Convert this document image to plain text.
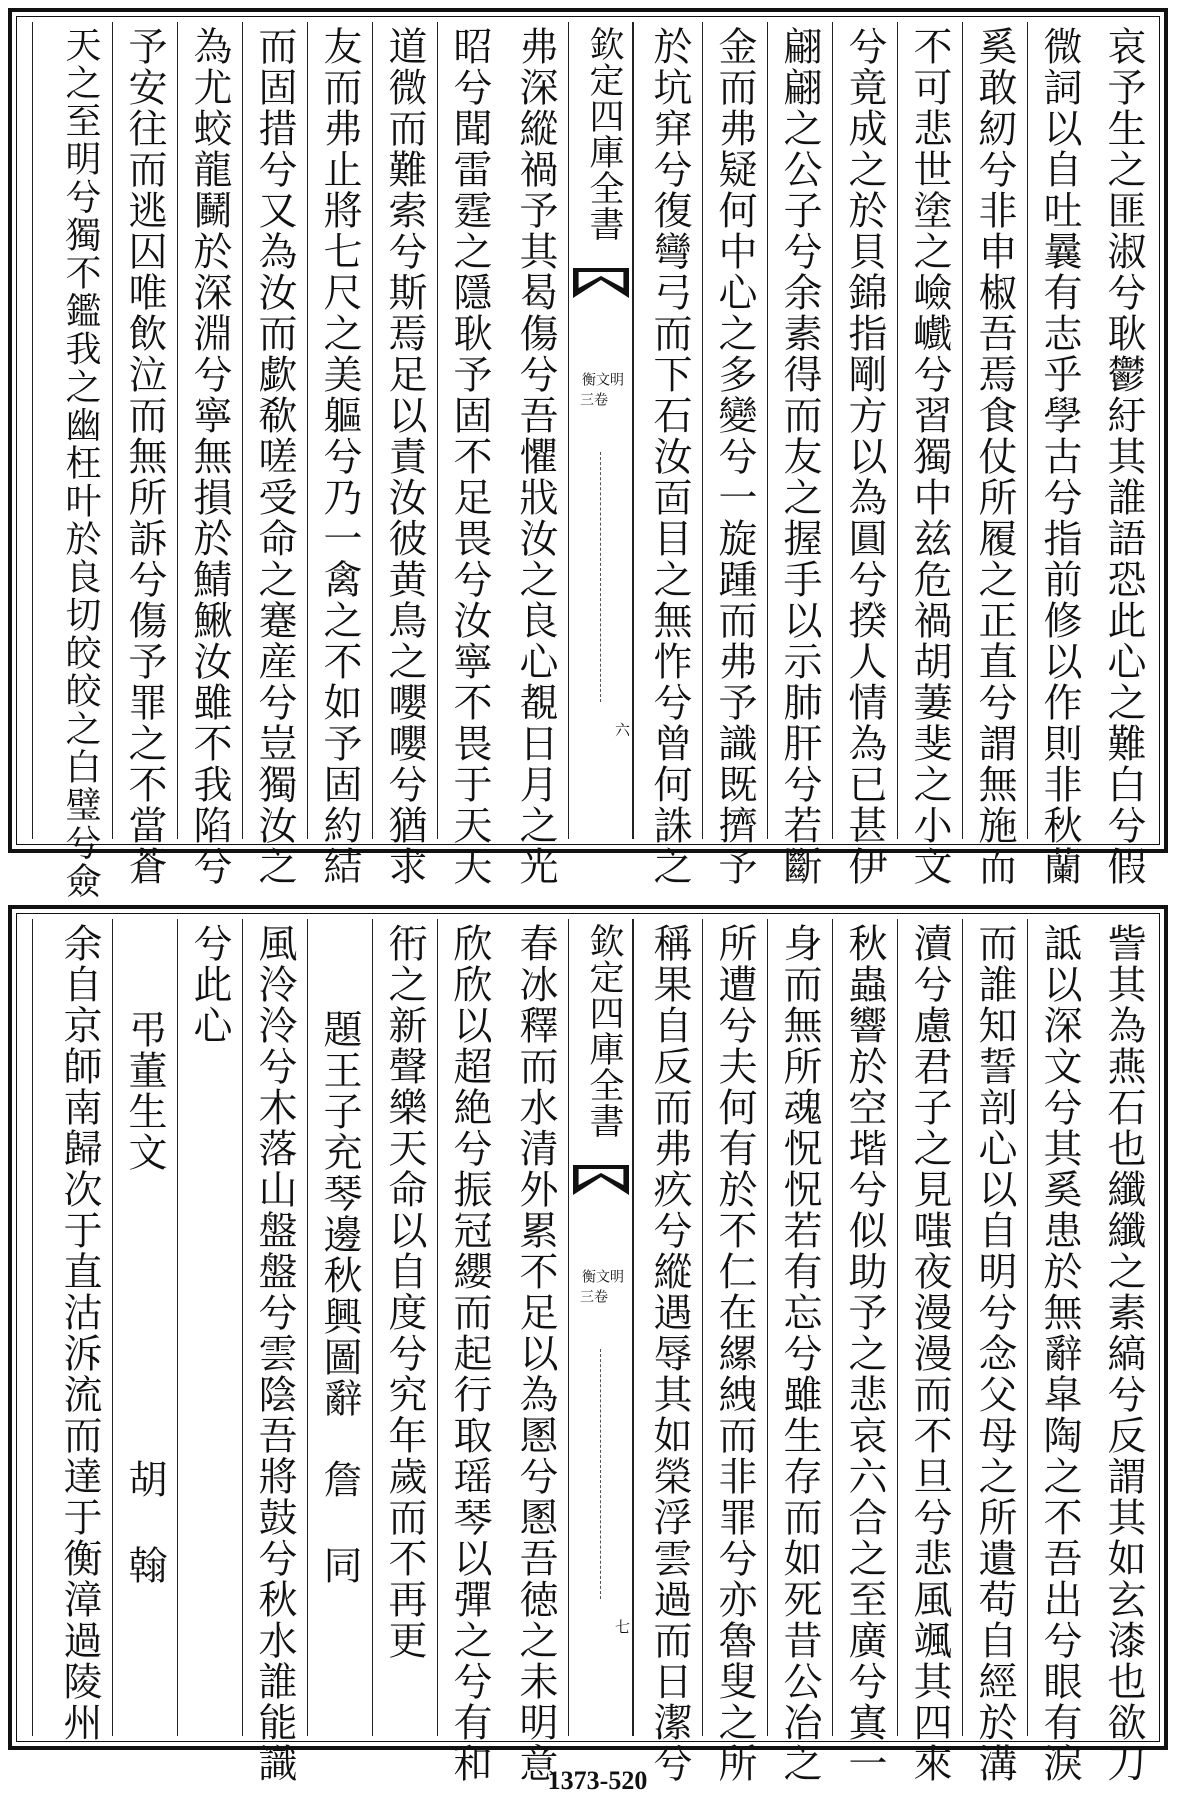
哀予生之匪淑兮耿鬱紆其誰語恐此心之難白兮假
微詞以自吐曩有志乎學古兮指前修以作則非秋蘭
奚敢紉兮非申椒吾焉食仗所履之正直兮謂無施而
不可悲世塗之嶮巇兮習獨中兹危禍胡萋斐之小文
兮竟成之於貝錦指剛方以為圓兮揆人情為已甚伊
翩翩之公子兮余素得而友之握手以示肺肝兮若斷
金而弗疑何中心之多變兮一旋踵而弗予識既擠予
於坑穽兮復彎弓而下石汝靣目之無怍兮曾何誅之
欽定四庫全書
明文衡
卷三
六
弗深縱禍予其曷傷兮吾懼戕汝之良心覩日月之光
昭兮聞雷霆之隱耿予固不足畏兮汝寧不畏于天天
道微而難索兮斯焉足以責汝彼黄鳥之嚶嚶兮猶求
友而弗止將七尺之美軀兮乃一禽之不如予固約結
而固措兮又為汝而歔欷嗟受命之蹇産兮豈獨汝之
為尤蛟龍鬭於深淵兮寧無損於鯖鰍汝雖不我陷兮
予安往而逃囚唯飲泣而無所訴兮傷予罪之不當蒼
天之至明兮獨不鑑我之幽枉叶於良切皎皎之白璧兮僉
訾其為燕石也纖纖之素縞兮反謂其如玄漆也欲刀
詆以深文兮其奚患於無辭皐陶之不吾出兮眼有淚
而誰知誓剖心以自明兮念父母之所遺苟自經於溝
瀆兮慮君子之見嗤夜漫漫而不旦兮悲風颯其四來
秋蟲響於空堦兮似助予之悲哀六合之至廣兮寘一
身而無所魂怳怳若有忘兮雖生存而如死昔公冶之
所遭兮夫何有於不仁在縲絏而非罪兮亦魯叟之所
稱果自反而弗疚兮縱遇辱其如榮浮雲過而日潔兮
欽定四庫全書
明文衡
卷三
七
春冰釋而水清外累不足以為慁兮慁吾徳之未明意
欣欣以超絶兮振冠纓而起行取瑶琴以彈之兮有和
衎之新聲樂天命以自度兮究年歲而不再更
題王子充琴邊秋興圖辭
詹　同
風泠泠兮木落山盤盤兮雲陰吾將鼓兮秋水誰能識
兮此心
弔董生文
胡　翰
余自京師南歸次于直沽泝流而達于衡漳過陵州
1373-520
